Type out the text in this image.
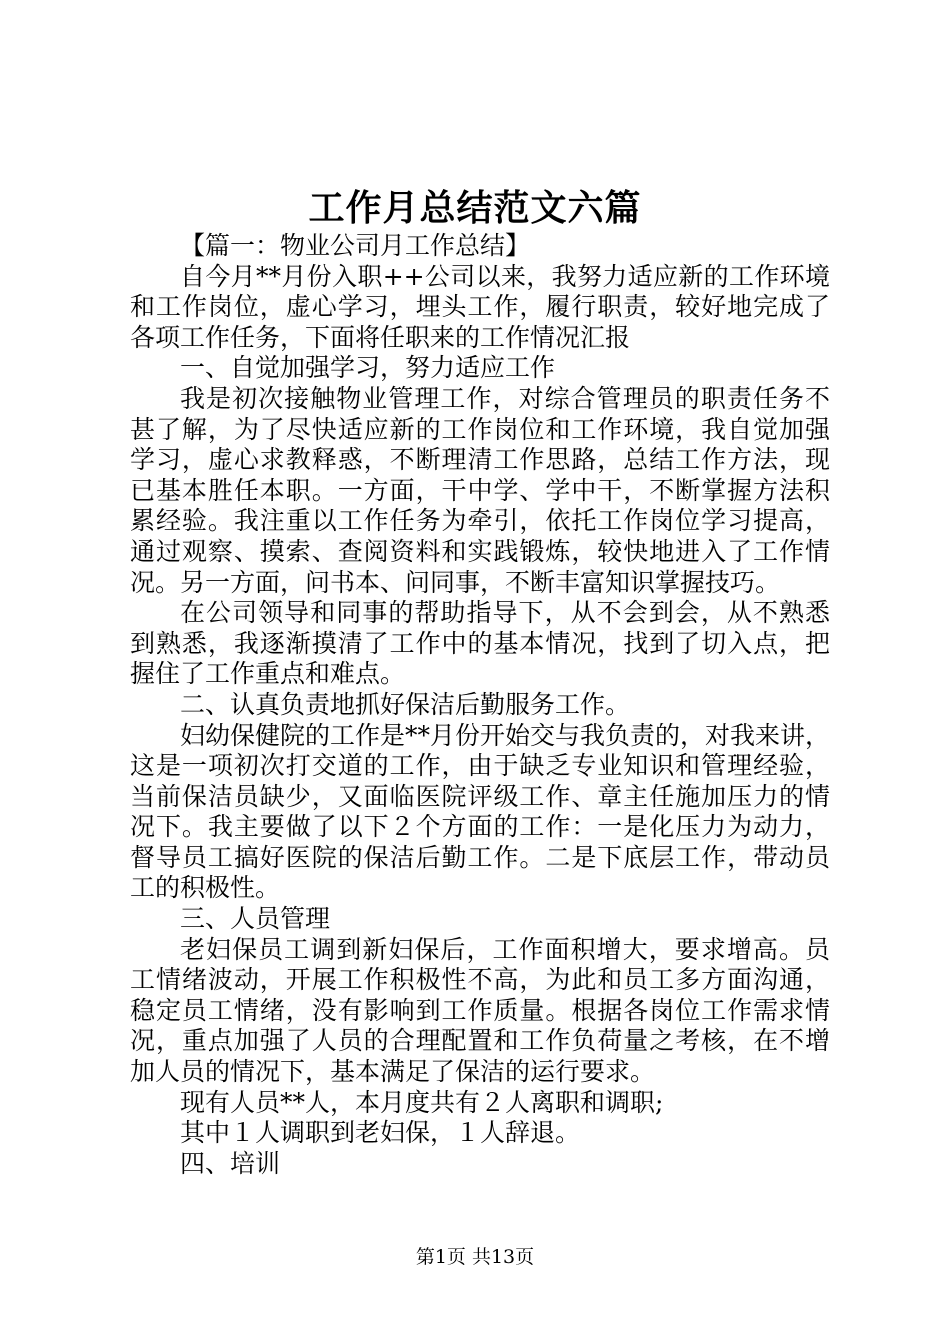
工作月总结范文六篇
【篇一：物业公司月工作总结】
自今月**月份入职++公司以来，我努力适应新的工作环境
和工作岗位，虚心学习，埋头工作，履行职责，较好地完成了
各项工作任务，下面将任职来的工作情况汇报
一、自觉加强学习，努力适应工作
我是初次接触物业管理工作，对综合管理员的职责任务不
甚了解，为了尽快适应新的工作岗位和工作环境，我自觉加强
学习，虚心求教释惑，不断理清工作思路，总结工作方法，现
已基本胜任本职。一方面，干中学、学中干，不断掌握方法积
累经验。我注重以工作任务为牵引，依托工作岗位学习提高，
通过观察、摸索、查阅资料和实践锻炼，较快地进入了工作情
况。另一方面，问书本、问同事，不断丰富知识掌握技巧。
在公司领导和同事的帮助指导下，从不会到会，从不熟悉
到熟悉，我逐渐摸清了工作中的基本情况，找到了切入点，把
握住了工作重点和难点。
二、认真负责地抓好保洁后勤服务工作。
妇幼保健院的工作是**月份开始交与我负责的，对我来讲，
这是一项初次打交道的工作，由于缺乏专业知识和管理经验，
当前保洁员缺少，又面临医院评级工作、章主任施加压力的情
况下。我主要做了以下２个方面的工作：一是化压力为动力，
督导员工搞好医院的保洁后勤工作。二是下底层工作，带动员
工的积极性。
三、人员管理
老妇保员工调到新妇保后，工作面积增大，要求增高。员
工情绪波动，开展工作积极性不高，为此和员工多方面沟通，
稳定员工情绪，没有影响到工作质量。根据各岗位工作需求情
况，重点加强了人员的合理配置和工作负荷量之考核，在不增
加人员的情况下，基本满足了保洁的运行要求。
现有人员**人，本月度共有２人离职和调职;
其中１人调职到老妇保，１人辞退。
四、培训
第1页 共13页
